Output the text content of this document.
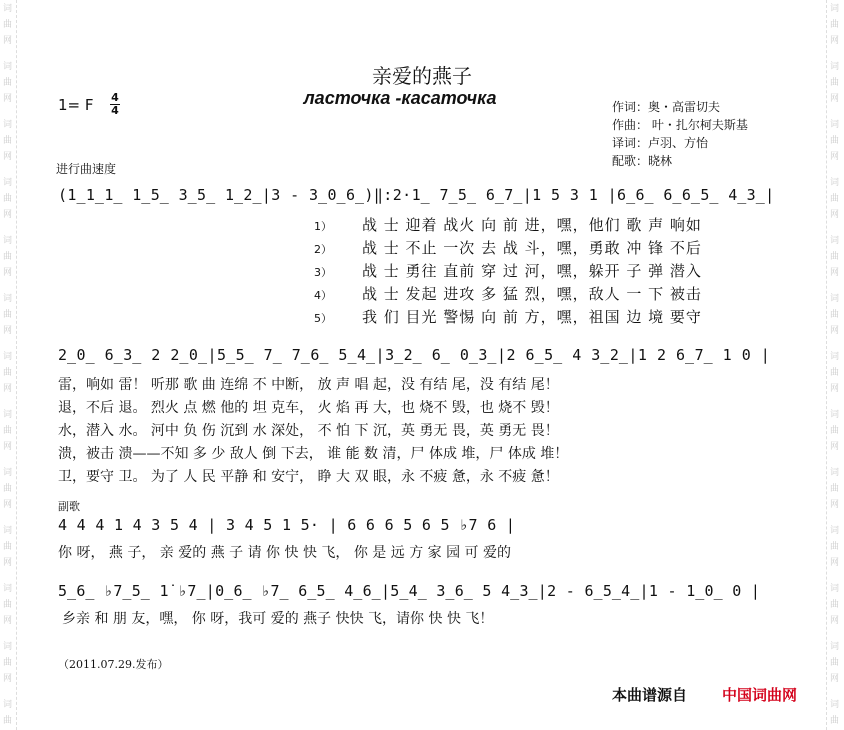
词
曲
网
词
曲
网
词
曲
网
词
曲
网
词
曲
网
词
曲
网
词
曲
网
词
曲
网
词
曲
网
词
曲
网
词
曲
网
词
曲
网
词
曲
词
曲
网
词
曲
网
词
曲
网
词
曲
网
词
曲
网
词
曲
网
词
曲
网
词
曲
网
词
曲
网
词
曲
网
词
曲
网
词
曲
网
词
曲
亲爱的燕子
ласточка -касаточка
1= F 4
4	作词：奥・高雷切夫
作曲： 叶・扎尔柯夫斯基
译词：卢羽、方怡
配歌：晓林
进行曲速度
(1̲1̲1̲ 1̲5̲ 3̲5̲ 1̲2̲|3 - 3̲0̲6̲)‖:2·1̲ 7̲5̲ 6̲7̲|1 5 3 1 |6̲6̲ 6̲6̲5̲ 4̲3̲|
1） 战 士 迎着 战火 向 前 进，嘿，他们 歌 声 响如
2） 战 士 不止 一次 去 战 斗，嘿，勇敢 冲 锋 不后
3） 战 士 勇往 直前 穿 过 河，嘿，躲开 子 弹 潜入
4） 战 士 发起 进攻 多 猛 烈，嘿，敌人 一 下 被击
5） 我 们 目光 警惕 向 前 方，嘿，祖国 边 境 要守
2̲0̲ 6̲3̲ 2 2̲0̲|5̲5̲ 7̲ 7̲6̲ 5̲4̲|3̲2̲ 6̲ 0̲3̲|2 6̲5̲ 4 3̲2̲|1 2 6̲7̲ 1 0 |
雷，响如 雷！ 听那 歌 曲 连绵 不 中断， 放 声 唱 起，没 有结 尾，没 有结 尾！
退，不后 退。 烈火 点 燃 他的 坦 克车， 火 焰 再 大，也 烧不 毁，也 烧不 毁！
水，潜入 水。 河中 负 伤 沉到 水 深处， 不 怕 下 沉，英 勇无 畏，英 勇无 畏！
溃，被击 溃——不知 多 少 敌人 倒 下去， 谁 能 数 清，尸 体成 堆，尸 体成 堆！
卫，要守 卫。 为了 人 民 平静 和 安宁， 睁 大 双 眼，永 不疲 惫，永 不疲 惫！
副歌
4 4 4 1 4 3 5 4 | 3 4 5 1 5· | 6 6 6 5 6 5 ♭7 6 |
你 呀， 燕 子， 亲 爱的 燕 子 请 你 快 快 飞， 你 是 远 方 家 园 可 爱的
5̲6̲ ♭7̲5̲ 1̇ ♭7̲|0̲6̲ ♭7̲ 6̲5̲ 4̲6̲|5̲4̲ 3̲6̲ 5 4̲3̲|2 - 6̲5̲4̲|1 - 1̲0̲ 0 |
乡亲 和 朋 友，嘿， 你 呀，我可 爱的 燕子 快快 飞，请你 快 快 飞！
（2011.07.29.发布）
本曲谱源自 中国词曲网
